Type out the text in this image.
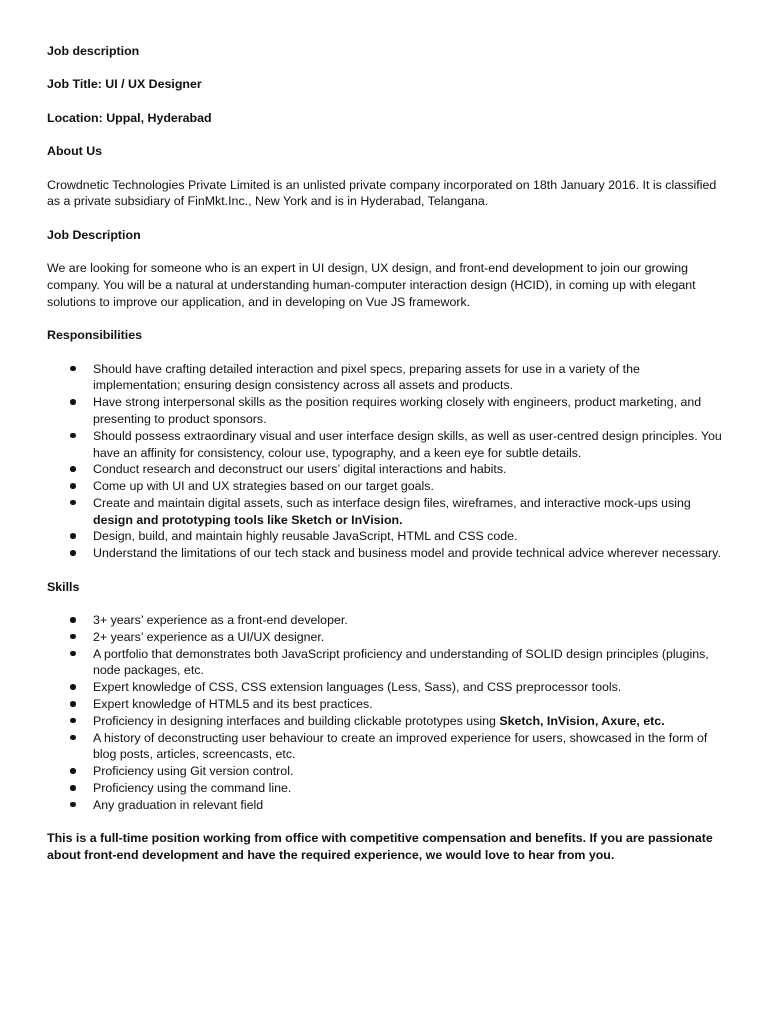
Job description

Job Title: UI / UX Designer

Location: Uppal, Hyderabad

About Us

Crowdnetic Technologies Private Limited is an unlisted private company incorporated on 18th January 2016. It is classified as a private subsidiary of FinMkt.Inc., New York and is in Hyderabad, Telangana.

Job Description

We are looking for someone who is an expert in UI design, UX design, and front-end development to join our growing company. You will be a natural at understanding human-computer interaction design (HCID), in coming up with elegant solutions to improve our application, and in developing on Vue JS framework.

Responsibilities

Should have crafting detailed interaction and pixel specs, preparing assets for use in a variety of the implementation; ensuring design consistency across all assets and products.
Have strong interpersonal skills as the position requires working closely with engineers, product marketing, and presenting to product sponsors.
Should possess extraordinary visual and user interface design skills, as well as user-centred design principles. You have an affinity for consistency, colour use, typography, and a keen eye for subtle details.
Conduct research and deconstruct our users’ digital interactions and habits.
Come up with UI and UX strategies based on our target goals.
Create and maintain digital assets, such as interface design files, wireframes, and interactive mock-ups using design and prototyping tools like Sketch or InVision.
Design, build, and maintain highly reusable JavaScript, HTML and CSS code.
Understand the limitations of our tech stack and business model and provide technical advice wherever necessary.

Skills

3+ years’ experience as a front-end developer.
2+ years’ experience as a UI/UX designer.
A portfolio that demonstrates both JavaScript proficiency and understanding of SOLID design principles (plugins, node packages, etc.
Expert knowledge of CSS, CSS extension languages (Less, Sass), and CSS preprocessor tools.
Expert knowledge of HTML5 and its best practices.
Proficiency in designing interfaces and building clickable prototypes using Sketch, InVision, Axure, etc.
A history of deconstructing user behaviour to create an improved experience for users, showcased in the form of blog posts, articles, screencasts, etc.
Proficiency using Git version control.
Proficiency using the command line.
Any graduation in relevant field

This is a full-time position working from office with competitive compensation and benefits. If you are passionate about front-end development and have the required experience, we would love to hear from you.
